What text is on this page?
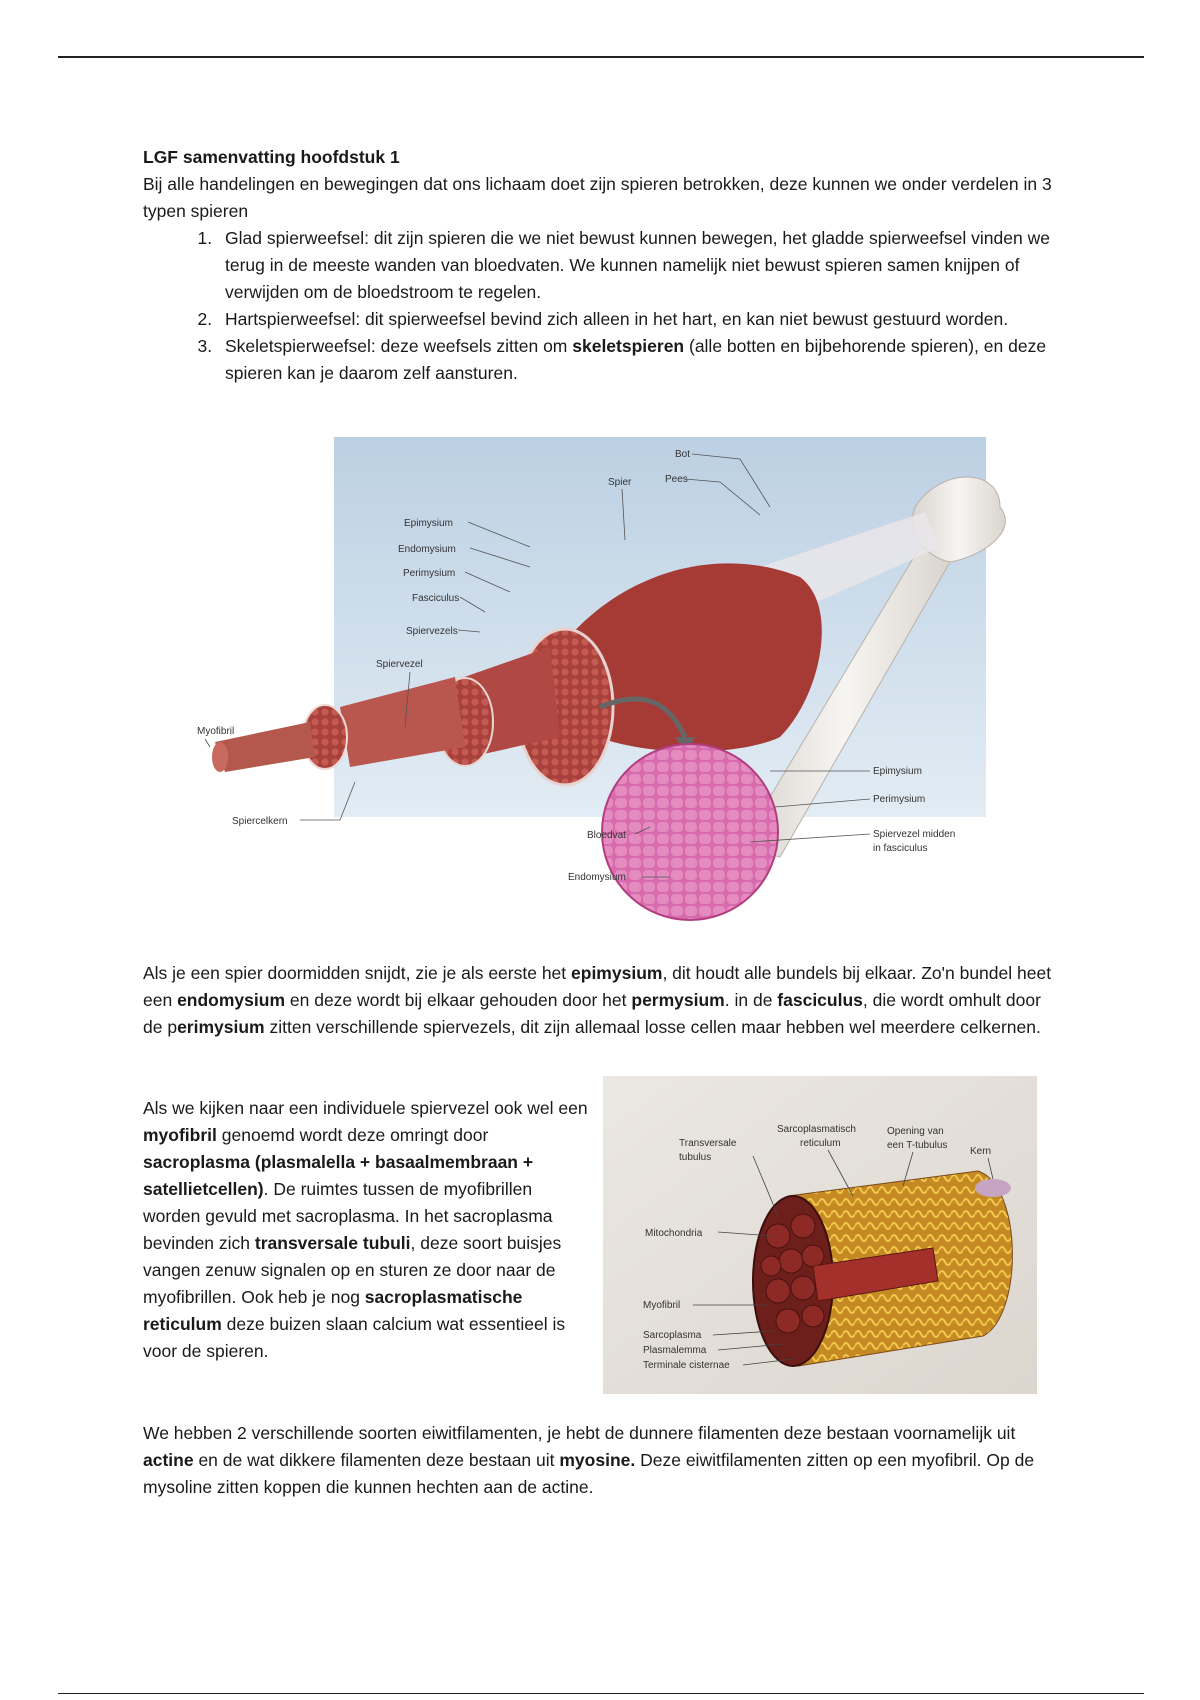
LGF samenvatting hoofdstuk 1

Bij alle handelingen en bewegingen dat ons lichaam doet zijn spieren betrokken, deze kunnen we onder verdelen in 3 typen spieren

1. Glad spierweefsel: dit zijn spieren die we niet bewust kunnen bewegen, het gladde spierweefsel vinden we terug in de meeste wanden van bloedvaten. We kunnen namelijk niet bewust spieren samen knijpen of verwijden om de bloedstroom te regelen.
2. Hartspierweefsel: dit spierweefsel bevind zich alleen in het hart, en kan niet bewust gestuurd worden.
3. Skeletspierweefsel: deze weefsels zitten om skeletspieren (alle botten en bijbehorende spieren), en deze spieren kan je daarom zelf aansturen.
Bot
Pees
Spier
Epimysium
Endomysium
Perimysium
Fasciculus
Spiervezels
Spiervezel
Myofibril
Spiercelkern
Bloedvat
Endomysium
Epimysium
Perimysium
Spiervezel midden
in fasciculus
Als je een spier doormidden snijdt, zie je als eerste het epimysium, dit houdt alle bundels bij elkaar. Zo'n bundel heet een endomysium en deze wordt bij elkaar gehouden door het permysium. in de fasciculus, die wordt omhult door de perimysium zitten verschillende spiervezels, dit zijn allemaal losse cellen maar hebben wel meerdere celkernen.
Als we kijken naar een individuele spiervezel ook wel een myofibril genoemd wordt deze omringt door sacroplasma (plasmalella + basaalmembraan + satellietcellen). De ruimtes tussen de myofibrillen worden gevuld met sacroplasma. In het sacroplasma bevinden zich transversale tubuli, deze soort buisjes vangen zenuw signalen op en sturen ze door naar de myofibrillen. Ook heb je nog sacroplasmatische reticulum deze buizen slaan calcium wat essentieel is voor de spieren.
Sarcoplasmatisch
reticulum
Opening van
een T-tubulus
Kern
Transversale
tubulus
Mitochondria
Myofibril
Sarcoplasma
Plasmalemma
Terminale cisternae
We hebben 2 verschillende soorten eiwitfilamenten, je hebt de dunnere filamenten deze bestaan voornamelijk uit actine en de wat dikkere filamenten deze bestaan uit myosine. Deze eiwitfilamenten zitten op een myofibril. Op de mysoline zitten koppen die kunnen hechten aan de actine.
